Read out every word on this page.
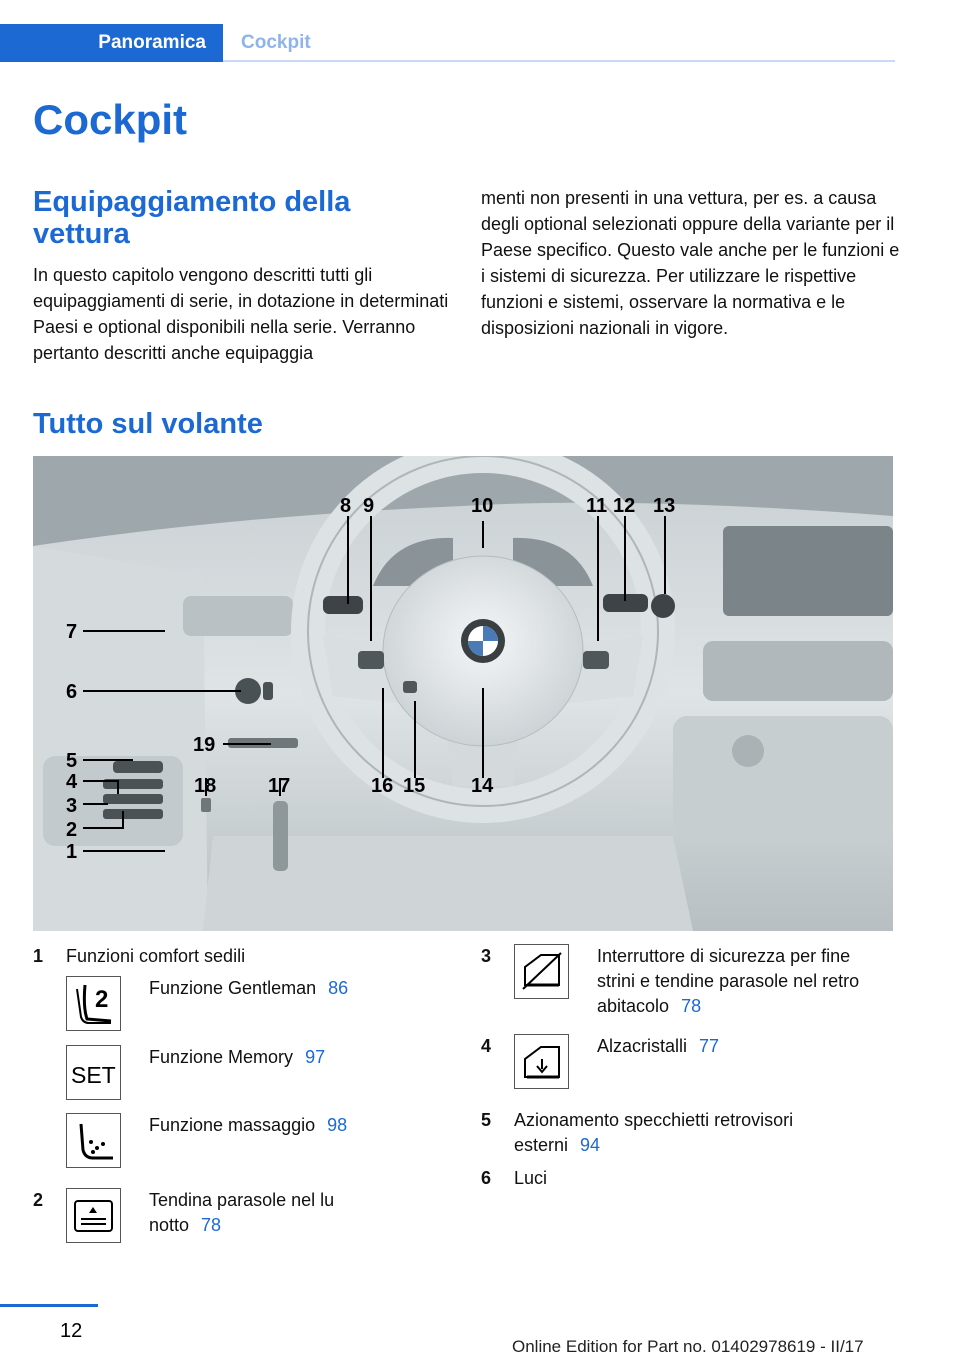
Panoramica	Cockpit
Cockpit
Equipaggiamento della vettura
In questo capitolo vengono descritti tutti gli equipaggiamenti di serie, in dotazione in determinati Paesi e optional disponibili nella serie. Verranno pertanto descritti anche equipaggia
menti non presenti in una vettura, per es. a causa degli optional selezionati oppure della variante per il Paese specifico. Questo vale anche per le funzioni e i sistemi di sicurezza. Per utilizzare le rispettive funzioni e sistemi, osservare la normativa e le disposizioni nazionali in vigore.
Tutto sul volante
1
2
3
4
5
6
7
8 9	10	11 12 13
14
15
16
17
18
19
1 Funzioni comfort sedili
2 Funzione Gentleman 86
SET
Funzione Memory 97
Funzione massaggio 98
2	Tendina parasole nel lu
notto 78
3	Interruttore di sicurezza per fine
strini e tendine parasole nel retro
abitacolo 78
4	Alzacristalli 77
5 Azionamento specchietti retrovisori
esterni 94
6 Luci
12
Online Edition for Part no. 01402978619 - II/17
